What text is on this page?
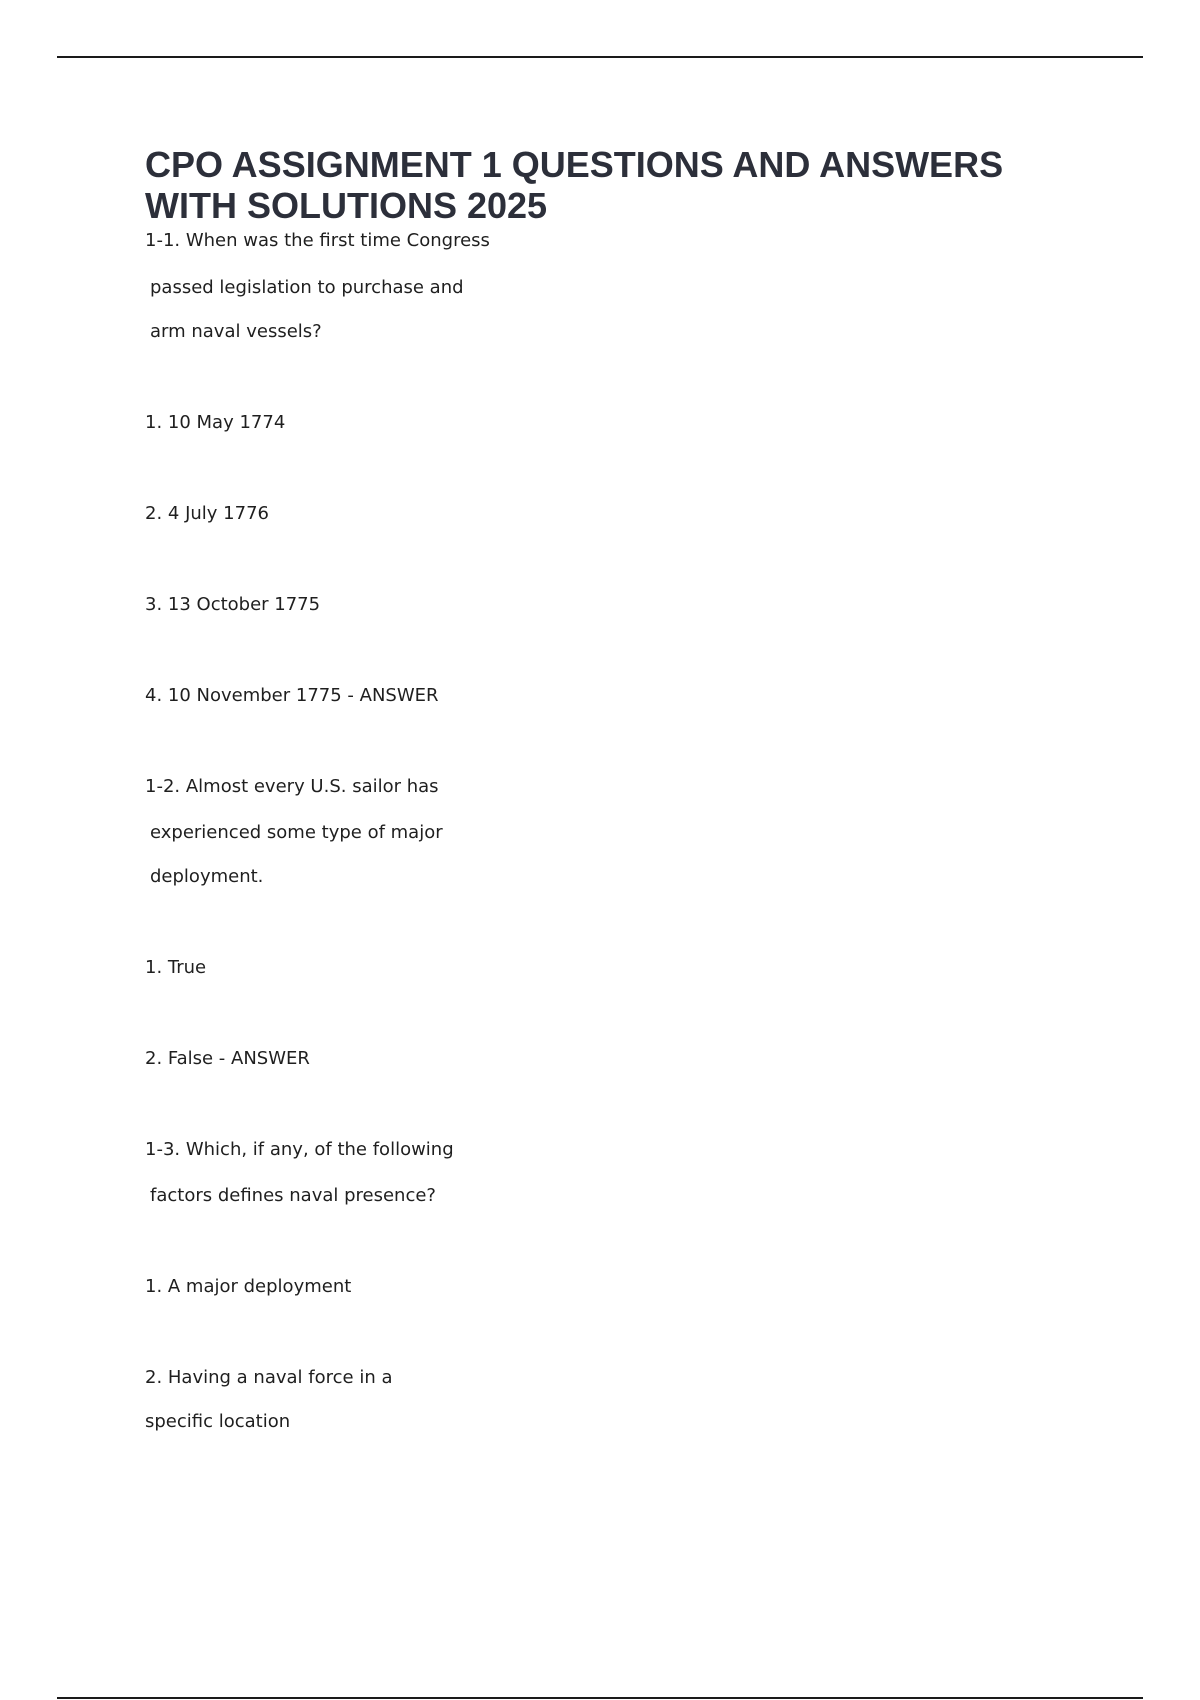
CPO ASSIGNMENT 1 QUESTIONS AND ANSWERS WITH SOLUTIONS 2025
1-1. When was the first time Congress
passed legislation to purchase and
arm naval vessels?
1. 10 May 1774
2. 4 July 1776
3. 13 October 1775
4. 10 November 1775 - ANSWER
1-2. Almost every U.S. sailor has
experienced some type of major
deployment.
1. True
2. False - ANSWER
1-3. Which, if any, of the following
factors defines naval presence?
1. A major deployment
2. Having a naval force in a
specific location
